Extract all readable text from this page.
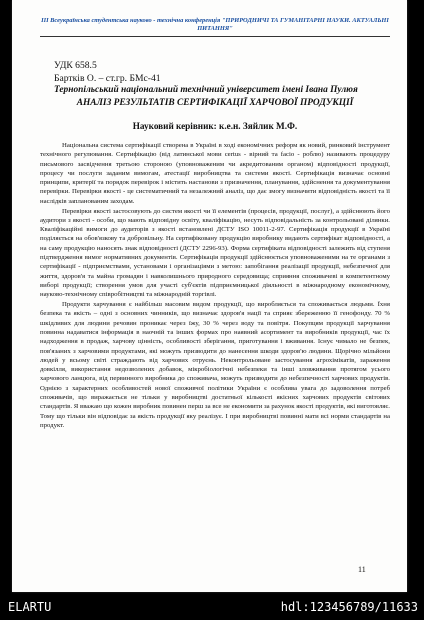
III Всеукраїнська студентська науково - технічна конференція "ПРИРОДНИЧІ ТА ГУМАНІТАРНІ НАУКИ. АКТУАЛЬНІ ПИТАННЯ"
УДК 658.5
Бартків О. – ст.гр. БМс-41
Тернопільський національний технічний університет імені Івана Пулюя
АНАЛІЗ РЕЗУЛЬТАТІВ СЕРТИФІКАЦІЇ ХАРЧОВОЇ ПРОДУКЦІЇ
Науковий керівник: к.е.н. Зяйлик М.Ф.

Національна система сертифікації створена в Україні в ході економічних реформ як новий, ринковий інструмент технічного регулювання. Сертифікацію (від латинської мови certus - вірний та facio - роблю) називають процедуру письмового засвідчення третьою стороною (уповноваженим чи акредитованим органом) відповідності продукції, процесу чи послуги заданим вимогам, атестації виробництва та системи якості. Сертифікація визначає основні принципи, критерії та порядок перевірок і містить настанови з призначення, планування, здійснення та документування перевірки. Перевірки якості - це систематичний та незалежний аналіз, що дає змогу визначити відповідність якості та її наслідків запланованим заходам.

Перевірки якості застосовують до систем якості чи її елементів (процесів, продукції, послуг), а здійснюють його аудитори з якості - особи, що мають відповідну освіту, кваліфікацію, несуть відповідальність за контрольовані ділянки. Кваліфікаційні вимоги до аудиторів з якості встановлені ДСТУ ISO 10011-2-97. Сертифікація продукції в Україні поділяється на обов'язкову та добровільну. На сертифіковану продукцію виробнику видають сертифікат відповідності, а на саму продукцію наносять знак відповідності (ДСТУ 2296-93). Форма сертифіката відповідності залежить від ступеня підтвердження вимог нормативних документів. Сертифікація продукції здійснюється уповноваженими на те органами з сертифікації - підприємствами, установами і організаціями з метою: запобігання реалізації продукції, небезпечної для життя, здоров'я та майна громадян і навколишнього природного середовища; сприяння споживачеві в компетентному виборі продукції; створення умов для участі суб'єктів підприємницької діяльності в міжнародному економічному, науково-технічному співробітництві та міжнародній торгівлі.

Продукти харчування є найбільш масовим видом продукції, що виробляється та споживається людьми. Їхня безпека та якість – одні з основних чинників, що визначає здоров'я нації та сприяє збереженню її генофонду. 70 % шкідливих для людини речовин проникає через їжу, 30 % через воду та повітря. Покупцям продукції харчування повинна надаватися інформація в наочній та інших формах про наявний асортимент та виробників продукції, час їх надходження в продаж, харчову цінність, особливості зберігання, приготування і вживання. Існує чимало не безпек, пов'язаних з харчовими продуктами, які можуть призводити до нанесення шкоди здоров'ю людини. Щорічно мільйони людей у всьому світі страждають від харчових отруєнь. Неконтрольоване застосування агрохімікатів, зараження довкілля, використання недозволених добавок, мікробіологічні небезпеки та інші зловживання протягом усього харчового ланцюга, від первинного виробника до споживача, можуть призводити до небезпечності харчових продуктів. Однією з характерних особливостей нової споживчої політики України є особлива увага до задоволення потреб споживачів, що виражається не тільки у виробництві достатньої кількості якісних харчових продуктів світових стандартів. Я вважаю що кожен виробник повинен перш за все не економити за рахунок якості продуктів, які виготовляє. Тому що тільки він відповідає за якість продукції яку реалізує. І при виробництві повинні мати всі норми стандартів на продукт.

11
ELARTU	hdl:123456789/11633
